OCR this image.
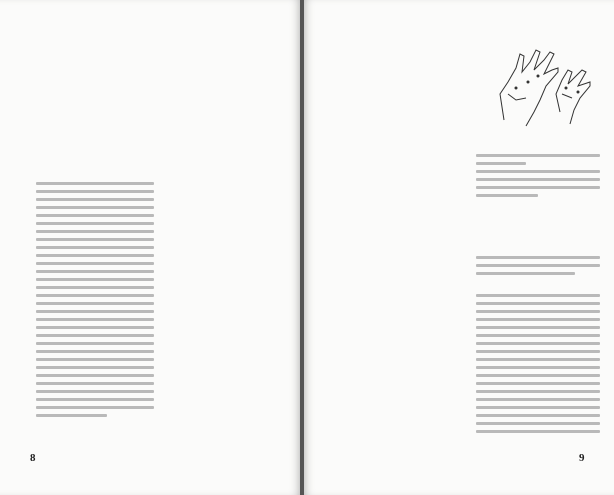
8	9
